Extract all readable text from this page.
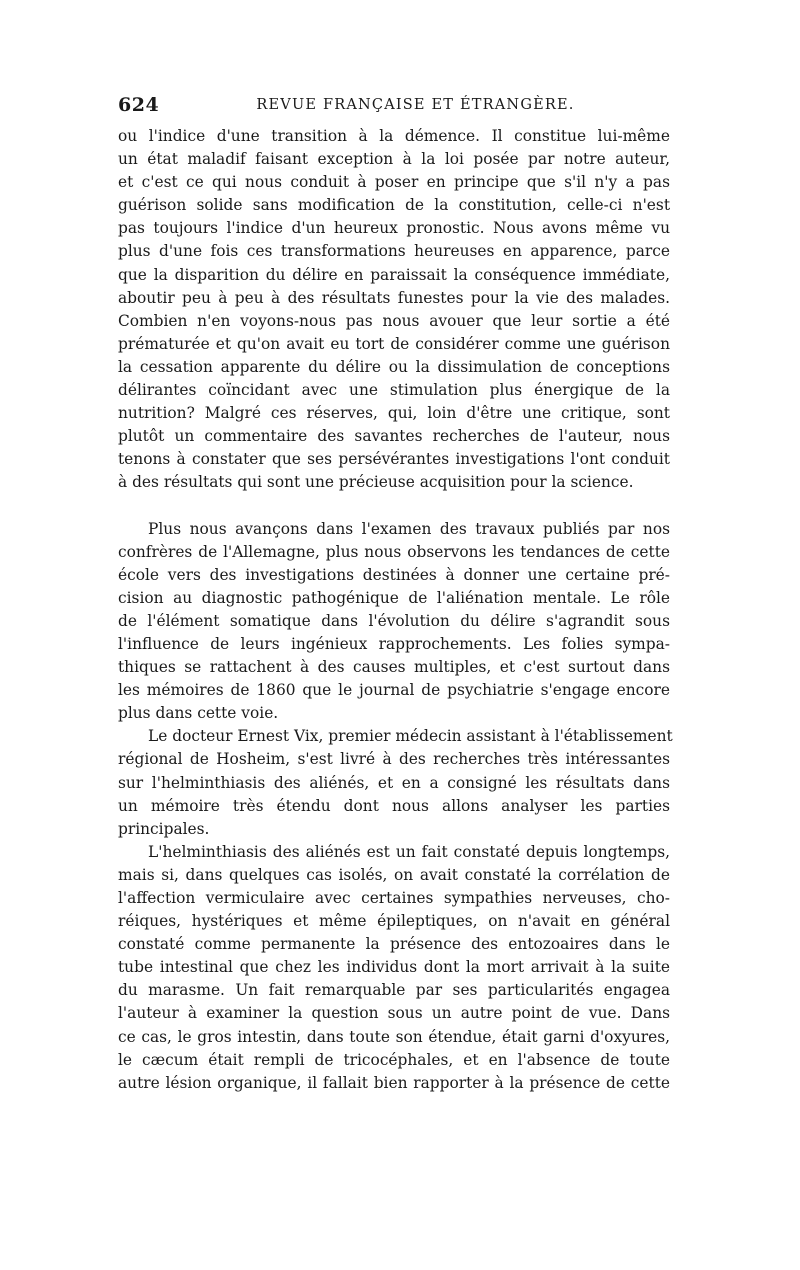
624	REVUE FRANÇAISE ET ÉTRANGÈRE.

ou l'indice d'une transition à la démence. Il constitue lui-même
un état maladif faisant exception à la loi posée par notre auteur,
et c'est ce qui nous conduit à poser en principe que s'il n'y a pas
guérison solide sans modification de la constitution, celle-ci n'est
pas toujours l'indice d'un heureux pronostic. Nous avons même vu
plus d'une fois ces transformations heureuses en apparence, parce
que la disparition du délire en paraissait la conséquence immédiate,
aboutir peu à peu à des résultats funestes pour la vie des malades.
Combien n'en voyons-nous pas nous avouer que leur sortie a été
prématurée et qu'on avait eu tort de considérer comme une guérison
la cessation apparente du délire ou la dissimulation de conceptions
délirantes coïncidant avec une stimulation plus énergique de la
nutrition? Malgré ces réserves, qui, loin d'être une critique, sont
plutôt un commentaire des savantes recherches de l'auteur, nous
tenons à constater que ses persévérantes investigations l'ont conduit
à des résultats qui sont une précieuse acquisition pour la science.

Plus nous avançons dans l'examen des travaux publiés par nos
confrères de l'Allemagne, plus nous observons les tendances de cette
école vers des investigations destinées à donner une certaine pré-
cision au diagnostic pathogénique de l'aliénation mentale. Le rôle
de l'élément somatique dans l'évolution du délire s'agrandit sous
l'influence de leurs ingénieux rapprochements. Les folies sympa-
thiques se rattachent à des causes multiples, et c'est surtout dans
les mémoires de 1860 que le journal de psychiatrie s'engage encore
plus dans cette voie.

Le docteur Ernest Vix, premier médecin assistant à l'établissement
régional de Hosheim, s'est livré à des recherches très intéressantes
sur l'helminthiasis des aliénés, et en a consigné les résultats dans
un mémoire très étendu dont nous allons analyser les parties
principales.

L'helminthiasis des aliénés est un fait constaté depuis longtemps,
mais si, dans quelques cas isolés, on avait constaté la corrélation de
l'affection vermiculaire avec certaines sympathies nerveuses, cho-
réiques, hystériques et même épileptiques, on n'avait en général
constaté comme permanente la présence des entozoaires dans le
tube intestinal que chez les individus dont la mort arrivait à la suite
du marasme. Un fait remarquable par ses particularités engagea
l'auteur à examiner la question sous un autre point de vue. Dans
ce cas, le gros intestin, dans toute son étendue, était garni d'oxyures,
le cæcum était rempli de tricocéphales, et en l'absence de toute
autre lésion organique, il fallait bien rapporter à la présence de cette
